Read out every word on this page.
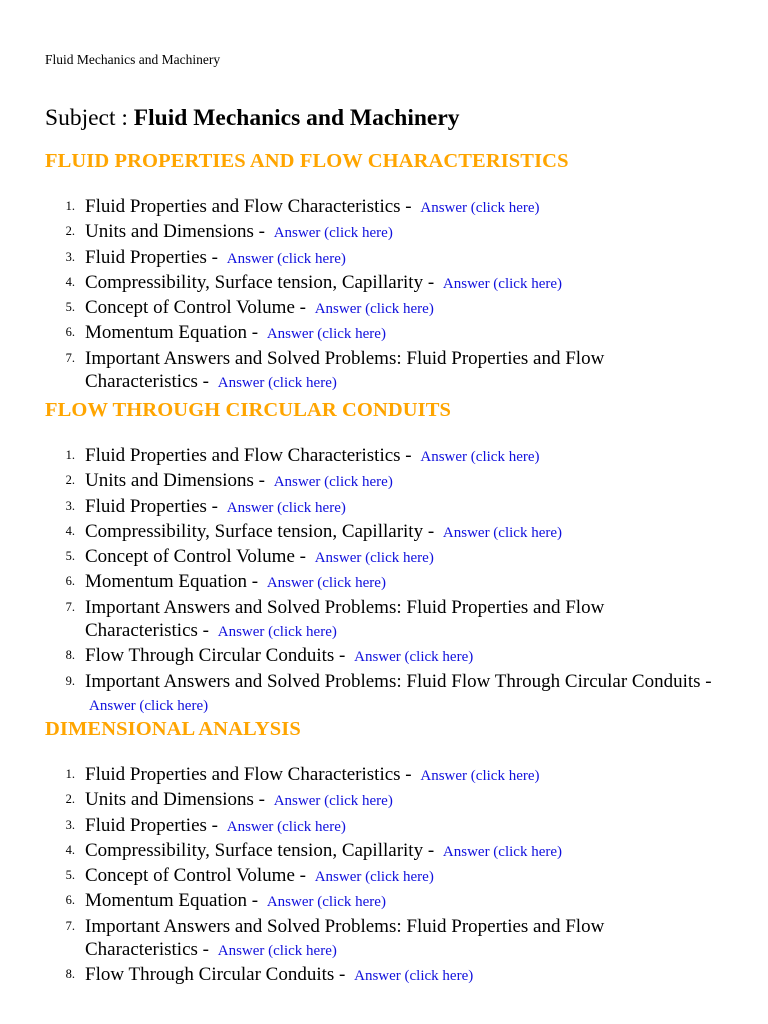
Fluid Mechanics and Machinery
Subject : Fluid Mechanics and Machinery
FLUID PROPERTIES AND FLOW CHARACTERISTICS
1. Fluid Properties and Flow Characteristics - Answer (click here)
2. Units and Dimensions - Answer (click here)
3. Fluid Properties - Answer (click here)
4. Compressibility, Surface tension, Capillarity - Answer (click here)
5. Concept of Control Volume - Answer (click here)
6. Momentum Equation - Answer (click here)
7. Important Answers and Solved Problems: Fluid Properties and Flow Characteristics - Answer (click here)
FLOW THROUGH CIRCULAR CONDUITS
1. Fluid Properties and Flow Characteristics - Answer (click here)
2. Units and Dimensions - Answer (click here)
3. Fluid Properties - Answer (click here)
4. Compressibility, Surface tension, Capillarity - Answer (click here)
5. Concept of Control Volume - Answer (click here)
6. Momentum Equation - Answer (click here)
7. Important Answers and Solved Problems: Fluid Properties and Flow Characteristics - Answer (click here)
8. Flow Through Circular Conduits - Answer (click here)
9. Important Answers and Solved Problems: Fluid Flow Through Circular Conduits - Answer (click here)
DIMENSIONAL ANALYSIS
1. Fluid Properties and Flow Characteristics - Answer (click here)
2. Units and Dimensions - Answer (click here)
3. Fluid Properties - Answer (click here)
4. Compressibility, Surface tension, Capillarity - Answer (click here)
5. Concept of Control Volume - Answer (click here)
6. Momentum Equation - Answer (click here)
7. Important Answers and Solved Problems: Fluid Properties and Flow Characteristics - Answer (click here)
8. Flow Through Circular Conduits - Answer (click here)
